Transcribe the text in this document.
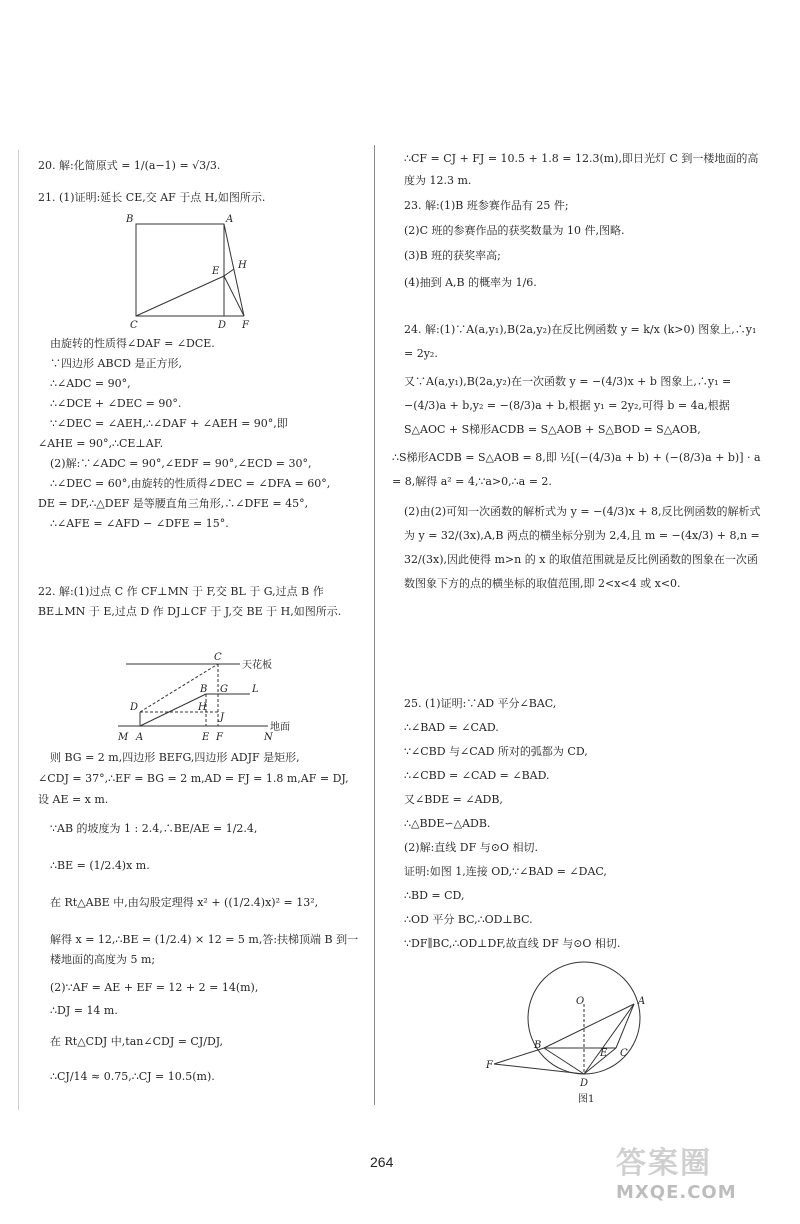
20. 解:化简原式 = 1/(a−1) = √3/3.

21. (1)证明:延长 CE,交 AF 于点 H,如图所示.

B	A
E
H
C	D F

由旋转的性质得∠DAF = ∠DCE.

∵四边形 ABCD 是正方形,

∴∠ADC = 90°,

∴∠DCE + ∠DEC = 90°.

∵∠DEC = ∠AEH,∴∠DAF + ∠AEH = 90°,即

∠AHE = 90°,∴CE⊥AF.

(2)解:∵∠ADC = 90°,∠EDF = 90°,∠ECD = 30°,

∴∠DEC = 60°,由旋转的性质得∠DEC = ∠DFA = 60°,

DE = DF,∴△DEF 是等腰直角三角形,∴∠DFE = 45°,

∴∠AFE = ∠AFD − ∠DFE = 15°.

22. 解:(1)过点 C 作 CF⊥MN 于 F,交 BL 于 G,过点 B 作 BE⊥MN 于 E,过点 D 作 DJ⊥CF 于 J,交 BE 于 H,如图所示.

天花板
地面
C
B G L
D	H
J
M A	E F	N

则 BG = 2 m,四边形 BEFG,四边形 ADJF 是矩形,

∠CDJ = 37°,∴EF = BG = 2 m,AD = FJ = 1.8 m,AF = DJ,

设 AE = x m.

∵AB 的坡度为 1 : 2.4,∴BE/AE = 1/2.4,

∴BE = (1/2.4)x m.

在 Rt△ABE 中,由勾股定理得 x² + ((1/2.4)x)² = 13²,

解得 x = 12,∴BE = (1/2.4) × 12 = 5 m,答:扶梯顶端 B 到一楼地面的高度为 5 m;

(2)∵AF = AE + EF = 12 + 2 = 14(m),

∴DJ = 14 m.

在 Rt△CDJ 中,tan∠CDJ = CJ/DJ,

∴CJ/14 ≈ 0.75,∴CJ = 10.5(m).

∴CF = CJ + FJ = 10.5 + 1.8 = 12.3(m),即日光灯 C 到一楼地面的高度为 12.3 m.

23. 解:(1)B 班参赛作品有 25 件;

(2)C 班的参赛作品的获奖数量为 10 件,图略.

(3)B 班的获奖率高;

(4)抽到 A,B 的概率为 1/6.

24. 解:(1)∵A(a,y₁),B(2a,y₂)在反比例函数 y = k/x (k>0) 图象上,∴y₁ = 2y₂.

又∵A(a,y₁),B(2a,y₂)在一次函数 y = −(4/3)x + b 图象上,∴y₁ = −(4/3)a + b,y₂ = −(8/3)a + b,根据 y₁ = 2y₂,可得 b = 4a,根据 S△AOC + S梯形ACDB = S△AOB + S△BOD = S△AOB,

∴S梯形ACDB = S△AOB = 8,即 ½[(−(4/3)a + b) + (−(8/3)a + b)] · a = 8,解得 a² = 4,∵a>0,∴a = 2.

(2)由(2)可知一次函数的解析式为 y = −(4/3)x + 8,反比例函数的解析式为 y = 32/(3x),A,B 两点的横坐标分别为 2,4,且 m = −(4x/3) + 8,n = 32/(3x),因此使得 m>n 的 x 的取值范围就是反比例函数的图象在一次函数图象下方的点的横坐标的取值范围,即 2<x<4 或 x<0.

25. (1)证明:∵AD 平分∠BAC,

∴∠BAD = ∠CAD.

∵∠CBD 与∠CAD 所对的弧都为 CD,

∴∠CBD = ∠CAD = ∠BAD.

又∠BDE = ∠ADB,

∴△BDE∽△ADB.

(2)解:直线 DF 与⊙O 相切.

证明:如图 1,连接 OD,∵∠BAD = ∠DAC,

∴BD = CD,

∴OD 平分 BC,∴OD⊥BC.

∵DF∥BC,∴OD⊥DF,故直线 DF 与⊙O 相切.

O	A
B
E C
D
F
图1
264	答案圈
MXQE.COM
